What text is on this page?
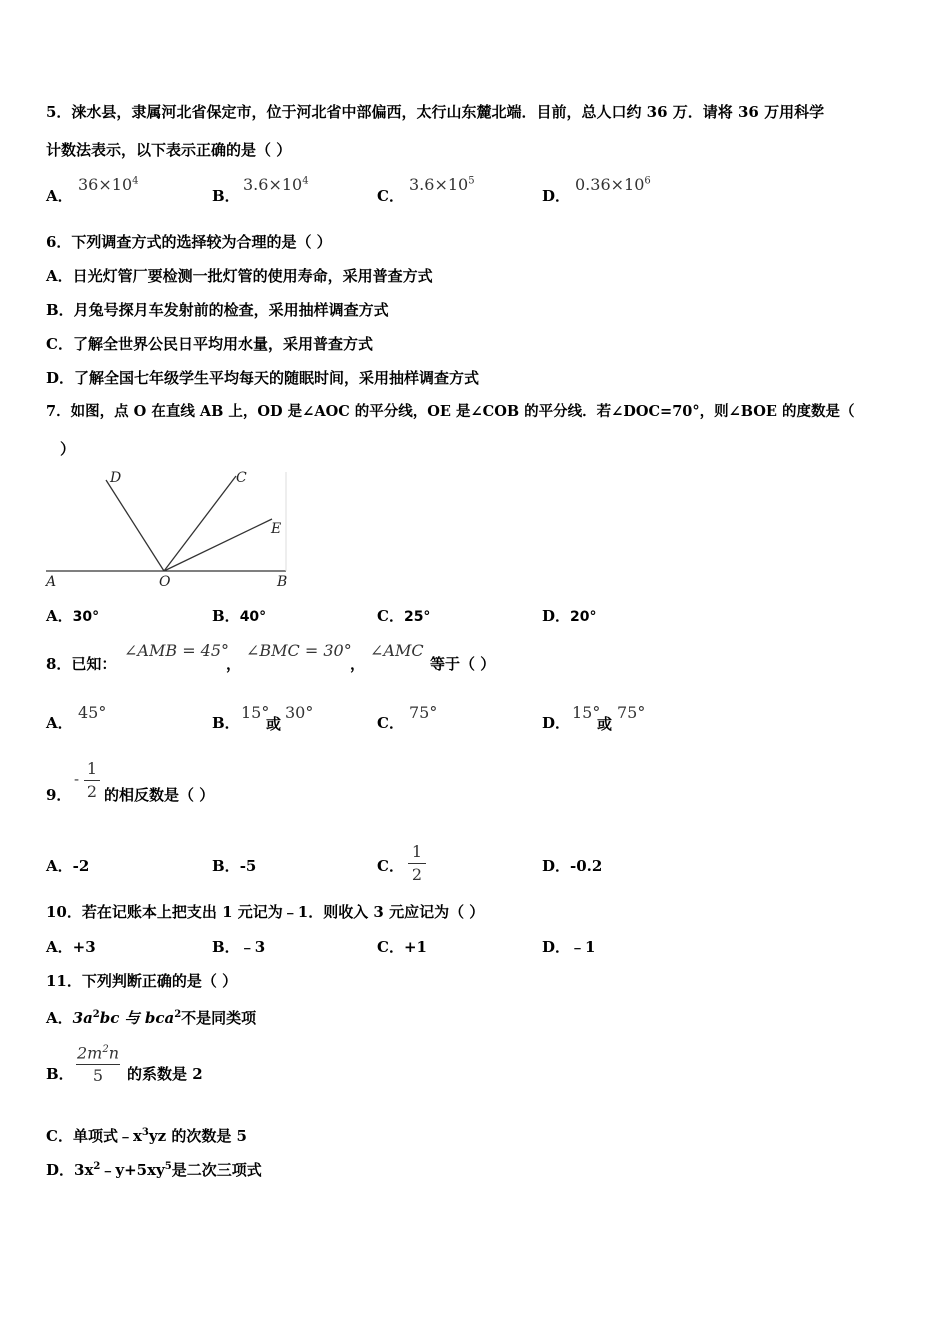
5．涞水县，隶属河北省保定市，位于河北省中部偏西，太行山东麓北端．目前，总人口约 36 万．请将 36 万用科学
计数法表示，以下表示正确的是（ ）
A．
$36\times 10^4$
B．
$3.6\times 10^4$
C．
$3.6\times 10^5$
D．
$0.36\times 10^6$
6．下列调查方式的选择较为合理的是（ ）
A．日光灯管厂要检测一批灯管的使用寿命，采用普查方式
B．月兔号探月车发射前的检查，采用抽样调查方式
C．了解全世界公民日平均用水量，采用普查方式
D．了解全国七年级学生平均每天的随眠时间，采用抽样调查方式
7．如图，点 O 在直线 AB 上，OD 是∠AOC 的平分线，OE 是∠COB 的平分线．若∠DOC=70°，则∠BOE 的度数是（
）
A	O	B
D	C
E
A．30°	B．40°	C．25°	D．20°
8．已知：
∠AMB = 45°
，
∠BMC = 30°
，
∠AMC
等于（ ）
A．
45°
B．
15°
或
30°
C．
75°
D．
15°
或
75°
9．
-
1
2 的相反数是（ ）
A．-2	B．-5	C．
1
2	D．-0.2
10．若在记账本上把支出 1 元记为﹣1．则收入 3 元应记为（ ）
A．+3	B．﹣3	C．+1	D．﹣1
11．下列判断正确的是（ ）
A．$3a^2bc$ 与 bca$^2$不是同类项
B．
$2m^2n$
5	的系数是 2
C．单项式$﹣x^3yz$ 的次数是 5
D．$3x^2﹣y+5xy^5$是二次三项式
